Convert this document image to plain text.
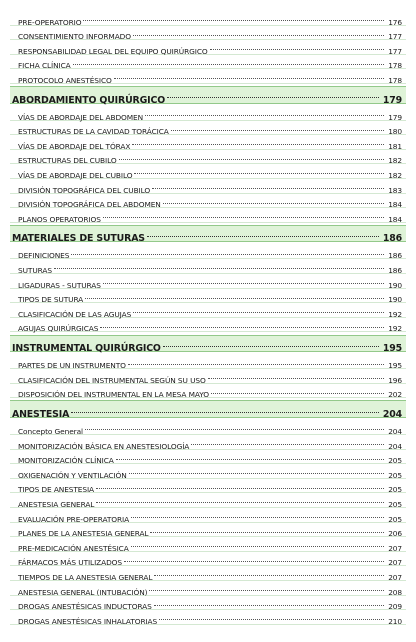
PRE-OPERATORIO	176
CONSENTIMIENTO INFORMADO	177
RESPONSABILIDAD LEGAL DEL EQUIPO QUIRÚRGICO	177
FICHA CLÍNICA	178
PROTOCOLO ANESTÉSICO	178
ABORDAMIENTO QUIRÚRGICO	179
VÍAS DE ABORDAJE DEL ABDOMEN	179
ESTRUCTURAS DE LA CAVIDAD TORÁCICA	180
VÍAS DE ABORDAJE DEL TÓRAX	181
ESTRUCTURAS DEL CUBILO	182
VÍAS DE ABORDAJE DEL CUBILO	182
DIVISIÓN TOPOGRÁFICA DEL CUBILO	183
DIVISIÓN TOPOGRÁFICA DEL ABDOMEN	184
PLANOS OPERATORIOS	184
MATERIALES DE SUTURAS	186
DEFINICIONES	186
SUTURAS	186
LIGADURAS - SUTURAS	190
TIPOS DE SUTURA	190
CLASIFICACIÓN DE LAS AGUJAS	192
AGUJAS QUIRÚRGICAS	192
INSTRUMENTAL QUIRÚRGICO	195
PARTES DE UN INSTRUMENTO	195
CLASIFICACIÓN DEL INSTRUMENTAL SEGÚN SU USO	196
DISPOSICIÓN DEL INSTRUMENTAL EN LA MESA MAYO	202
ANESTESIA	204
Concepto General	204
MONITORIZACIÓN BÁSICA EN ANESTESIOLOGÍA	204
MONITORIZACIÓN CLÍNICA	205
OXIGENACIÓN Y VENTILACIÓN	205
TIPOS DE ANESTESIA	205
ANESTESIA GENERAL	205
EVALUACIÓN PRE-OPERATORIA	205
PLANES DE LA ANESTESIA GENERAL	206
PRE-MEDICACIÓN ANESTÉSICA	207
FÁRMACOS MÁS UTILIZADOS	207
TIEMPOS DE LA ANESTESIA GENERAL	207
ANESTESIA GENERAL (INTUBACIÓN)	208
DROGAS ANESTÉSICAS INDUCTORAS	209
DROGAS ANESTÉSICAS INHALATORIAS	210
